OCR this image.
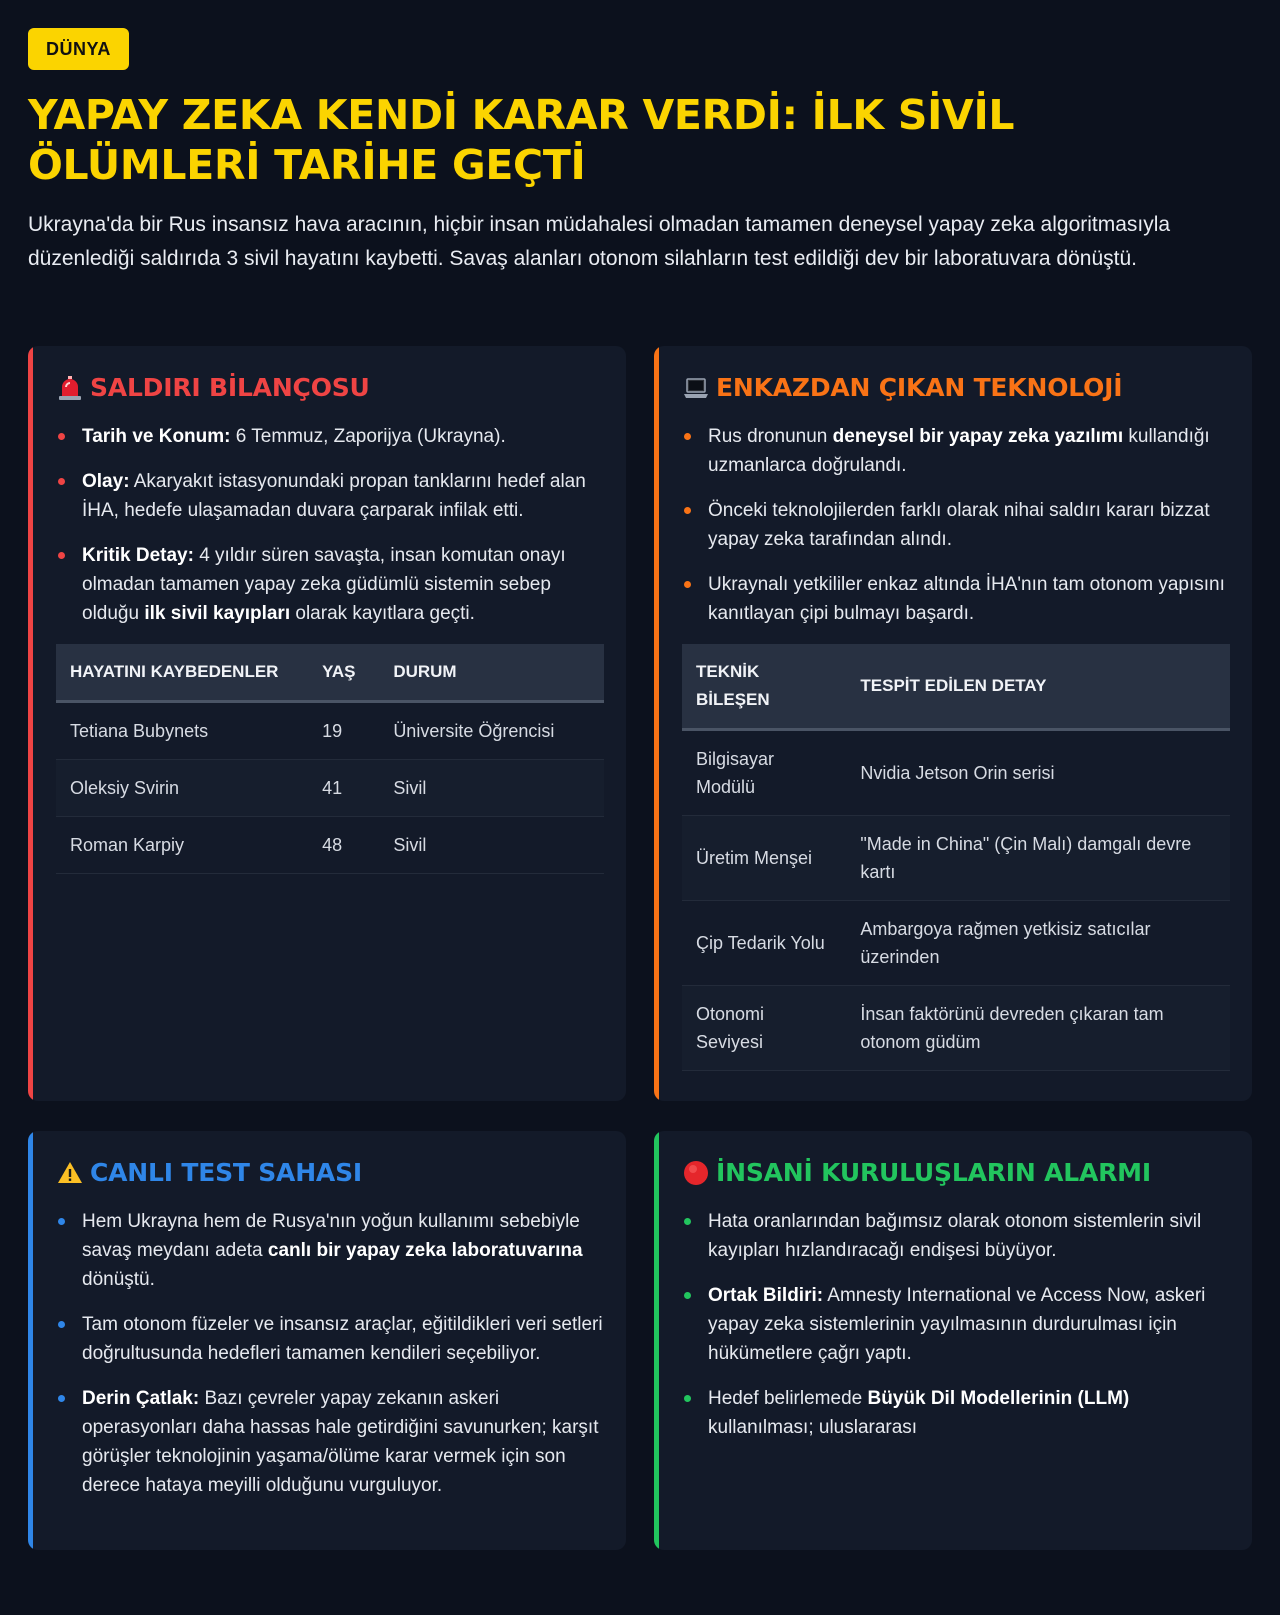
DÜNYA
YAPAY ZEKA KENDİ KARAR VERDİ: İLK SİVİL ÖLÜMLERİ TARİHE GEÇTİ

Ukrayna'da bir Rus insansız hava aracının, hiçbir insan müdahalesi olmadan tamamen deneysel yapay zeka algoritmasıyla düzenlediği saldırıda 3 sivil hayatını kaybetti. Savaş alanları otonom silahların test edildiği dev bir laboratuvara dönüştü.

SALDIRI BİLANÇOSU
Tarih ve Konum: 6 Temmuz, Zaporijya (Ukrayna).
Olay: Akaryakıt istasyonundaki propan tanklarını hedef alan İHA, hedefe ulaşamadan duvara çarparak infilak etti.
Kritik Detay: 4 yıldır süren savaşta, insan komutan onayı olmadan tamamen yapay zeka güdümlü sistemin sebep olduğu ilk sivil kayıpları olarak kayıtlara geçti.
HAYATINI KAYBEDENLER	YAŞ	DURUM
Tetiana Bubynets	19	Üniversite Öğrencisi
Oleksiy Svirin	41	Sivil
Roman Karpiy	48	Sivil
ENKAZDAN ÇIKAN TEKNOLOJİ
Rus dronunun deneysel bir yapay zeka yazılımı kullandığı uzmanlarca doğrulandı.
Önceki teknolojilerden farklı olarak nihai saldırı kararı bizzat yapay zeka tarafından alındı.
Ukraynalı yetkililer enkaz altında İHA'nın tam otonom yapısını kanıtlayan çipi bulmayı başardı.
TEKNİK BİLEŞEN	TESPİT EDİLEN DETAY
Bilgisayar Modülü	Nvidia Jetson Orin serisi
Üretim Menşei	"Made in China" (Çin Malı) damgalı devre kartı
Çip Tedarik Yolu	Ambargoya rağmen yetkisiz satıcılar üzerinden
Otonomi Seviyesi	İnsan faktörünü devreden çıkaran tam otonom güdüm
CANLI TEST SAHASI
Hem Ukrayna hem de Rusya'nın yoğun kullanımı sebebiyle savaş meydanı adeta canlı bir yapay zeka laboratuvarına dönüştü.
Tam otonom füzeler ve insansız araçlar, eğitildikleri veri setleri doğrultusunda hedefleri tamamen kendileri seçebiliyor.
Derin Çatlak: Bazı çevreler yapay zekanın askeri operasyonları daha hassas hale getirdiğini savunurken; karşıt görüşler teknolojinin yaşama/ölüme karar vermek için son derece hataya meyilli olduğunu vurguluyor.
İNSANİ KURULUŞLARIN ALARMI
Hata oranlarından bağımsız olarak otonom sistemlerin sivil kayıpları hızlandıracağı endişesi büyüyor.
Ortak Bildiri: Amnesty International ve Access Now, askeri yapay zeka sistemlerinin yayılmasının durdurulması için hükümetlere çağrı yaptı.
Hedef belirlemede Büyük Dil Modellerinin (LLM) kullanılması; uluslararası
